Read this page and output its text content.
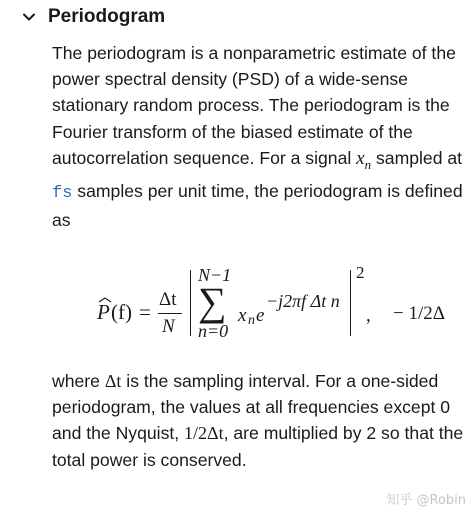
Periodogram

The periodogram is a nonparametric estimate of the power spectral density (PSD) of a wide-sense stationary random process. The periodogram is the Fourier transform of the biased estimate of the autocorrelation sequence. For a signal $x_n$ sampled at fs samples per unit time, the periodogram is defined as

P (f) =
Δt
N
N−1
∑
n=0
x n e
−j2πf Δt n
2
, − 1/2Δ

where Δt is the sampling interval. For a one-sided periodogram, the values at all frequencies except 0 and the Nyquist, 1/2Δt, are multiplied by 2 so that the total power is conserved.

知乎 @Robin
